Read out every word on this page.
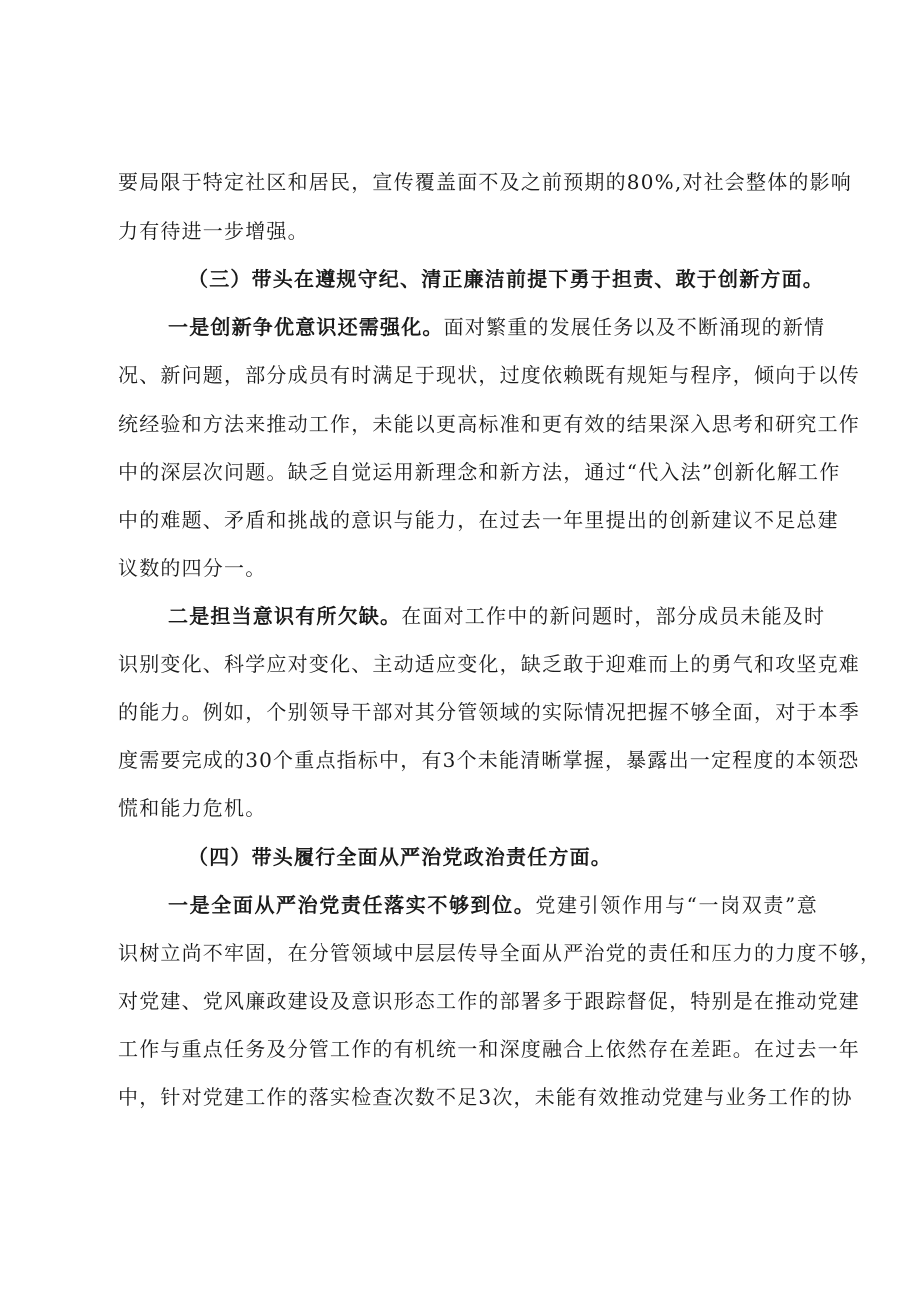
要局限于特定社区和居民，宣传覆盖面不及之前预期的80%,对社会整体的影响
力有待进一步增强。
（三）带头在遵规守纪、清正廉洁前提下勇于担责、敢于创新方面。
一是创新争优意识还需强化。面对繁重的发展任务以及不断涌现的新情
况、新问题，部分成员有时满足于现状，过度依赖既有规矩与程序，倾向于以传
统经验和方法来推动工作，未能以更高标准和更有效的结果深入思考和研究工作
中的深层次问题。缺乏自觉运用新理念和新方法，通过“代入法”创新化解工作
中的难题、矛盾和挑战的意识与能力，在过去一年里提出的创新建议不足总建
议数的四分一。
二是担当意识有所欠缺。在面对工作中的新问题时，部分成员未能及时
识别变化、科学应对变化、主动适应变化，缺乏敢于迎难而上的勇气和攻坚克难
的能力。例如，个别领导干部对其分管领域的实际情况把握不够全面，对于本季
度需要完成的30个重点指标中，有3个未能清晰掌握，暴露出一定程度的本领恐
慌和能力危机。
（四）带头履行全面从严治党政治责任方面。
一是全面从严治党责任落实不够到位。党建引领作用与“一岗双责”意
识树立尚不牢固，在分管领域中层层传导全面从严治党的责任和压力的力度不够，
对党建、党风廉政建设及意识形态工作的部署多于跟踪督促，特别是在推动党建
工作与重点任务及分管工作的有机统一和深度融合上依然存在差距。在过去一年
中，针对党建工作的落实检查次数不足3次，未能有效推动党建与业务工作的协
